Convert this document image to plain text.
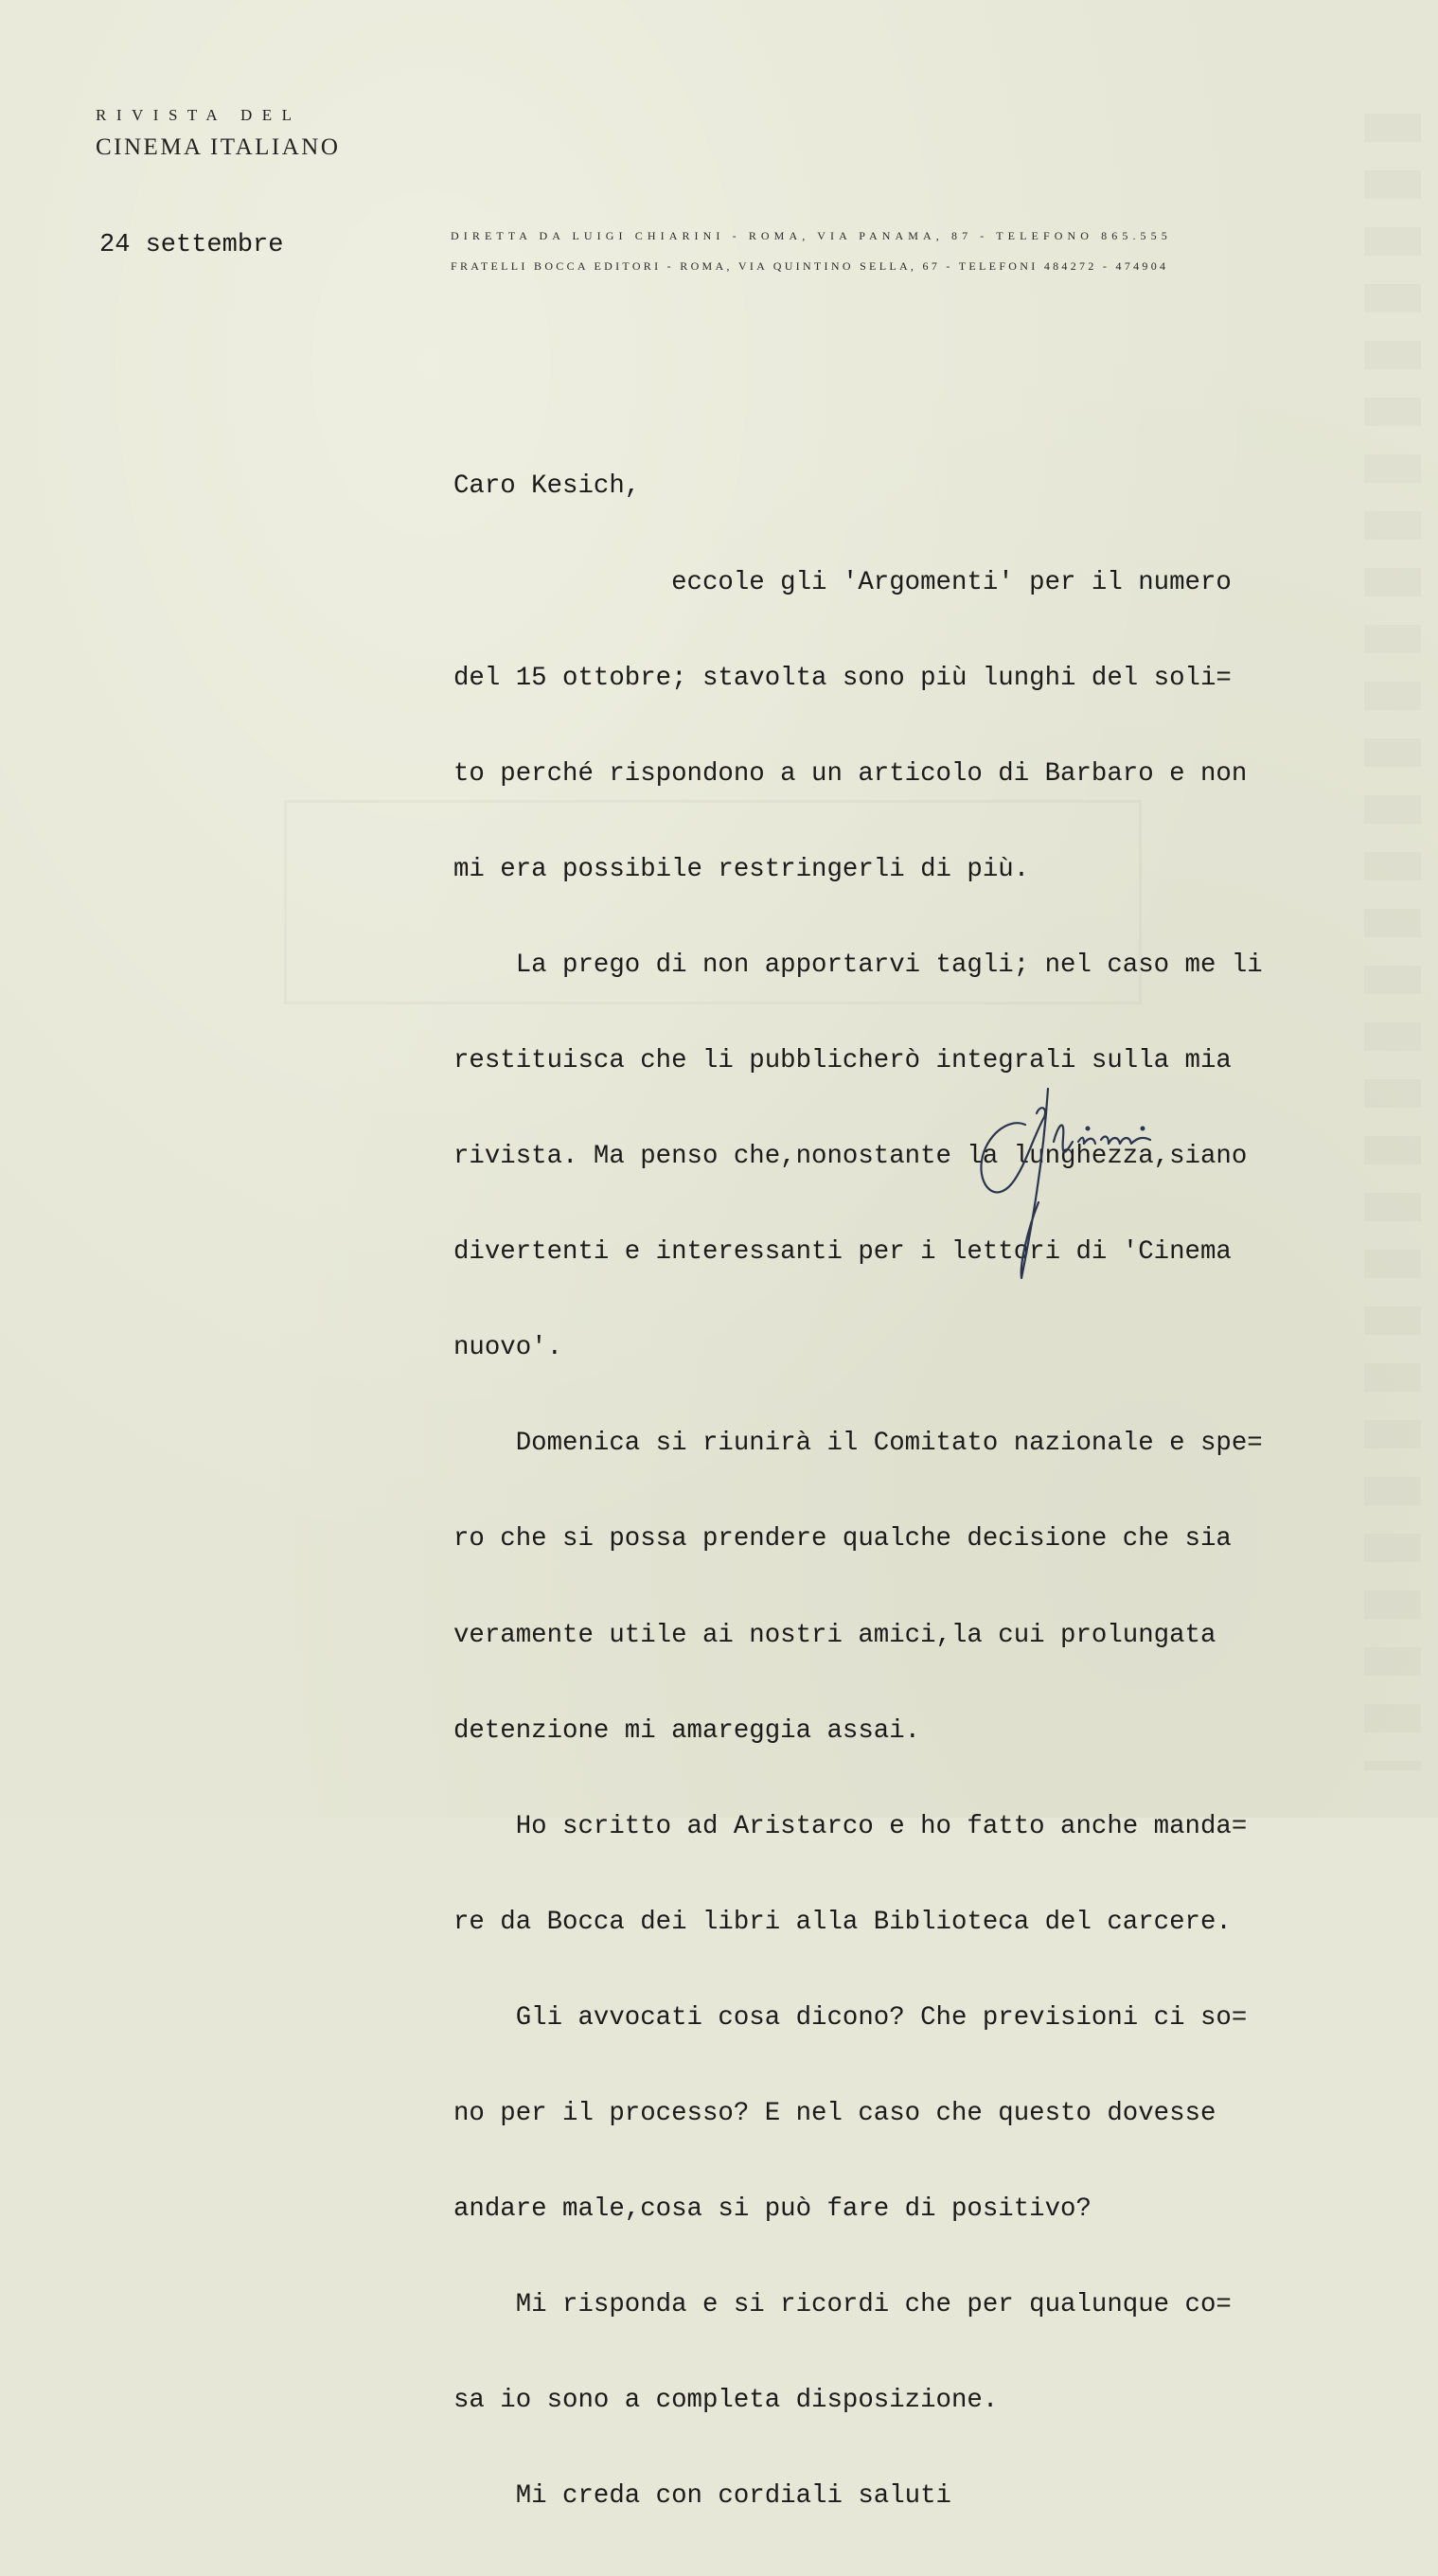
RIVISTA DEL
CINEMA ITALIANO
24 settembre	DIRETTA DA LUIGI CHIARINI - ROMA, VIA PANAMA, 87 - TELEFONO 865.555
FRATELLI BOCCA EDITORI - ROMA, VIA QUINTINO SELLA, 67 - TELEFONI 484272 - 474904

Caro Kesich,

eccole gli 'Argomenti' per il numero

del 15 ottobre; stavolta sono più lunghi del soli=

to perché rispondono a un articolo di Barbaro e non

mi era possibile restringerli di più.

La prego di non apportarvi tagli; nel caso me li

restituisca che li pubblicherò integrali sulla mia

rivista. Ma penso che,nonostante la lunghezza,siano

divertenti e interessanti per i lettori di 'Cinema

nuovo'.

Domenica si riunirà il Comitato nazionale e spe=

ro che si possa prendere qualche decisione che sia

veramente utile ai nostri amici,la cui prolungata

detenzione mi amareggia assai.

Ho scritto ad Aristarco e ho fatto anche manda=

re da Bocca dei libri alla Biblioteca del carcere.

Gli avvocati cosa dicono? Che previsioni ci so=

no per il processo? E nel caso che questo dovesse

andare male,cosa si può fare di positivo?

Mi risponda e si ricordi che per qualunque co=

sa io sono a completa disposizione.

Mi creda con cordiali saluti
